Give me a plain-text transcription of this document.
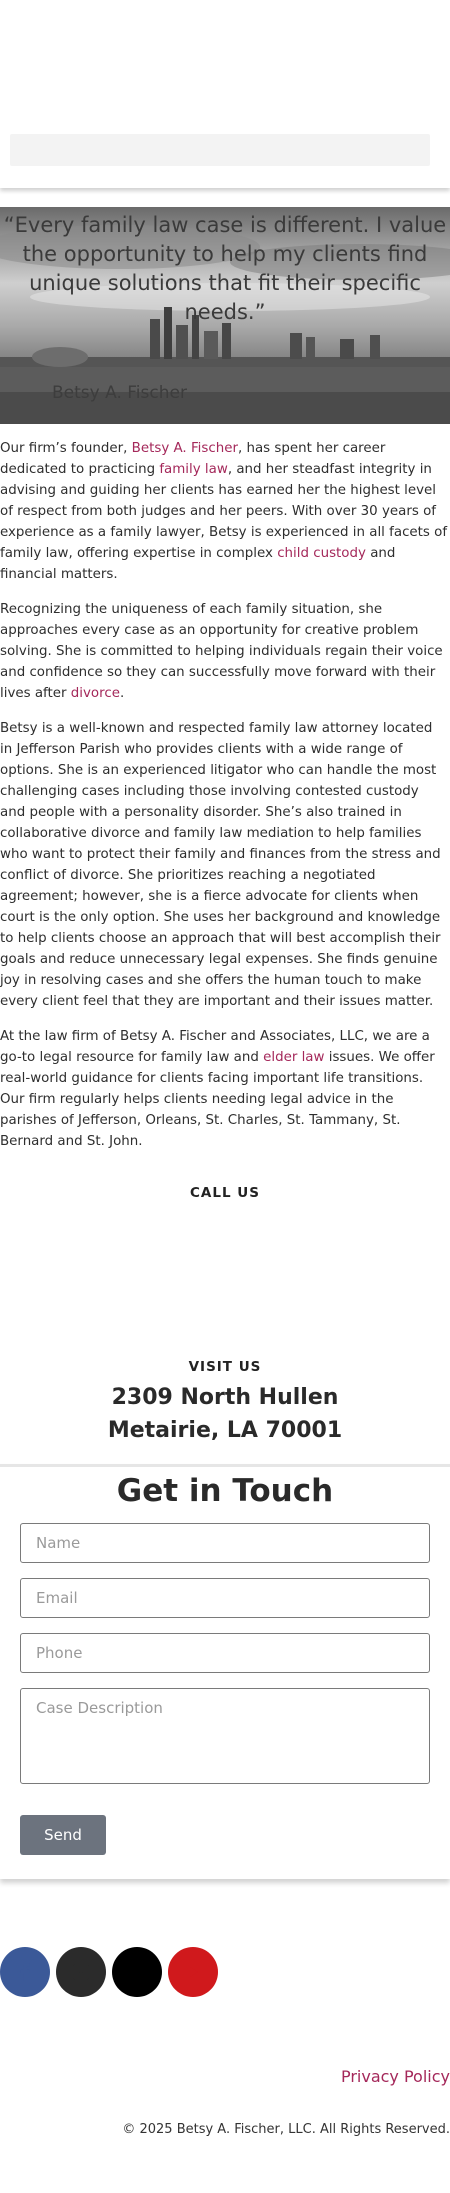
“Every family law case is different. I value the opportunity to help my clients find unique solutions that fit their specific needs.”
Betsy A. Fischer

Our firm’s founder, Betsy A. Fischer, has spent her career dedicated to practicing family law, and her steadfast integrity in advising and guiding her clients has earned her the highest level of respect from both judges and her peers. With over 30 years of experience as a family lawyer, Betsy is experienced in all facets of family law, offering expertise in complex child custody and financial matters.

Recognizing the uniqueness of each family situation, she approaches every case as an opportunity for creative problem solving. She is committed to helping individuals regain their voice and confidence so they can successfully move forward with their lives after divorce.

Betsy is a well-known and respected family law attorney located in Jefferson Parish who provides clients with a wide range of options. She is an experienced litigator who can handle the most challenging cases including those involving contested custody and people with a personality disorder. She’s also trained in collaborative divorce and family law mediation to help families who want to protect their family and finances from the stress and conflict of divorce. She prioritizes reaching a negotiated agreement; however, she is a fierce advocate for clients when court is the only option. She uses her background and knowledge to help clients choose an approach that will best accomplish their goals and reduce unnecessary legal expenses. She finds genuine joy in resolving cases and she offers the human touch to make every client feel that they are important and their issues matter.

At the law firm of Betsy A. Fischer and Associates, LLC, we are a go-to legal resource for family law and elder law issues. We offer real-world guidance for clients facing important life transitions. Our firm regularly helps clients needing legal advice in the parishes of Jefferson, Orleans, St. Charles, St. Tammany, St. Bernard and St. John.

CALL US
VISIT US
2309 North Hullen
Metairie, LA 70001
Get in Touch
Name
Email
Phone
Case Description
Send
Privacy Policy
© 2025 Betsy A. Fischer, LLC. All Rights Reserved.
